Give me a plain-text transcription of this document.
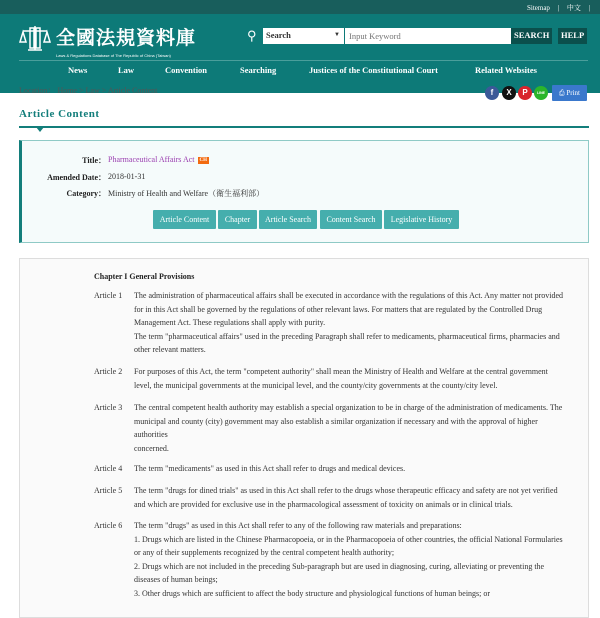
Sitemap | 中文 |
全國法規資料庫
Laws & Regulations Database of The Republic of China (Taiwan)
⚲	Search	▼
Input Keyword	SEARCH	HELP
News	Law	Convention	Searching	Justices of the Constitutional Court	Related Websites
Location： Home > Law > Article Content	f	X	P	LINE	⎙ Print
Article Content
Title： Pharmaceutical Affairs Act CH
Amended Date： 2018-01-31
Category： Ministry of Health and Welfare（衛生福利部）
Article Content	Chapter	Article Search	Content Search	Legislative History
Chapter I General Provisions
Article 1 The administration of pharmaceutical affairs shall be executed in accordance with the regulations of this Act. Any matter not provided for in this Act shall be governed by the regulations of other relevant laws. For matters that are regulated by the Controlled Drug Management Act. These regulations shall apply with purity.
The term "pharmaceutical affairs" used in the preceding Paragraph shall refer to medicaments, pharmaceutical firms, pharmacies and other relevant matters.
Article 2 For purposes of this Act, the term "competent authority" shall mean the Ministry of Health and Welfare at the central government level, the municipal governments at the municipal level, and the county/city governments at the county/city level.
Article 3 The central competent health authority may establish a special organization to be in charge of the administration of medicaments. The municipal and county (city) government may also establish a similar organization if necessary and with the approval of higher authorities
concerned.
Article 4 The term "medicaments" as used in this Act shall refer to drugs and medical devices.
Article 5 The term "drugs for dined trials" as used in this Act shall refer to the drugs whose therapeutic efficacy and safety are not yet verified and which are provided for exclusive use in the pharmacological assessment of toxicity on animals or in clinical trials.
Article 6 The term "drugs" as used in this Act shall refer to any of the following raw materials and preparations:
1. Drugs which are listed in the Chinese Pharmacopoeia, or in the Pharmacopoeia of other countries, the official National Formularies or any of their supplements recognized by the central competent health authority;
2. Drugs which are not included in the preceding Sub-paragraph but are used in diagnosing, curing, alleviating or preventing the diseases of human beings;
3. Other drugs which are sufficient to affect the body structure and physiological functions of human beings; or
